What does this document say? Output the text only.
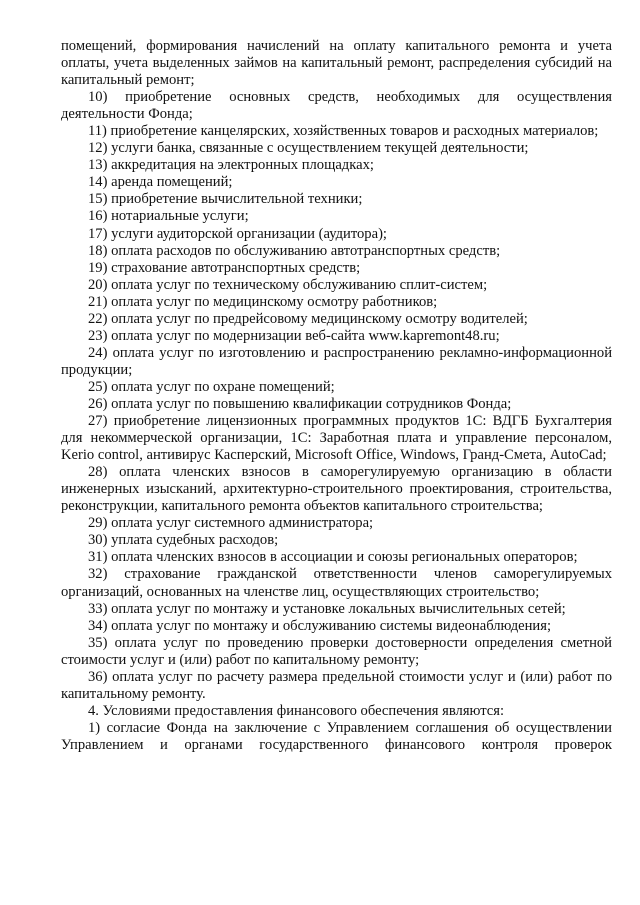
помещений, формирования начислений на оплату капитального ремонта и учета оплаты, учета выделенных займов на капитальный ремонт, распределения субсидий на капитальный ремонт;

10) приобретение основных средств, необходимых для осуществления деятельности Фонда;

11) приобретение канцелярских, хозяйственных товаров и расходных материалов;

12) услуги банка, связанные с осуществлением текущей деятельности;

13) аккредитация на электронных площадках;

14) аренда помещений;

15) приобретение вычислительной техники;

16) нотариальные услуги;

17) услуги аудиторской организации (аудитора);

18) оплата расходов по обслуживанию автотранспортных средств;

19) страхование автотранспортных средств;

20) оплата услуг по техническому обслуживанию сплит-систем;

21) оплата услуг по медицинскому осмотру работников;

22) оплата услуг по предрейсовому медицинскому осмотру водителей;

23) оплата услуг по модернизации веб-сайта www.kapremont48.ru;

24) оплата услуг по изготовлению и распространению рекламно-информационной продукции;

25) оплата услуг по охране помещений;

26) оплата услуг по повышению квалификации сотрудников Фонда;

27) приобретение лицензионных программных продуктов 1С: ВДГБ Бухгалтерия для некоммерческой организации, 1С: Заработная плата и управление персоналом, Kerio control, антивирус Касперский, Microsoft Office, Windows, Гранд-Смета, AutoCad;

28) оплата членских взносов в саморегулируемую организацию в области инженерных изысканий, архитектурно-строительного проектирования, строительства, реконструкции, капитального ремонта объектов капитального строительства;

29) оплата услуг системного администратора;

30) уплата судебных расходов;

31) оплата членских взносов в ассоциации и союзы региональных операторов;

32) страхование гражданской ответственности членов саморегулируемых организаций, основанных на членстве лиц, осуществляющих строительство;

33) оплата услуг по монтажу и установке локальных вычислительных сетей;

34) оплата услуг по монтажу и обслуживанию системы видеонаблюдения;

35) оплата услуг по проведению проверки достоверности определения сметной стоимости услуг и (или) работ по капитальному ремонту;

36) оплата услуг по расчету размера предельной стоимости услуг и (или) работ по капитальному ремонту.

4. Условиями предоставления финансового обеспечения являются:

1) согласие Фонда на заключение с Управлением соглашения об осуществлении Управлением и органами государственного финансового контроля проверок
